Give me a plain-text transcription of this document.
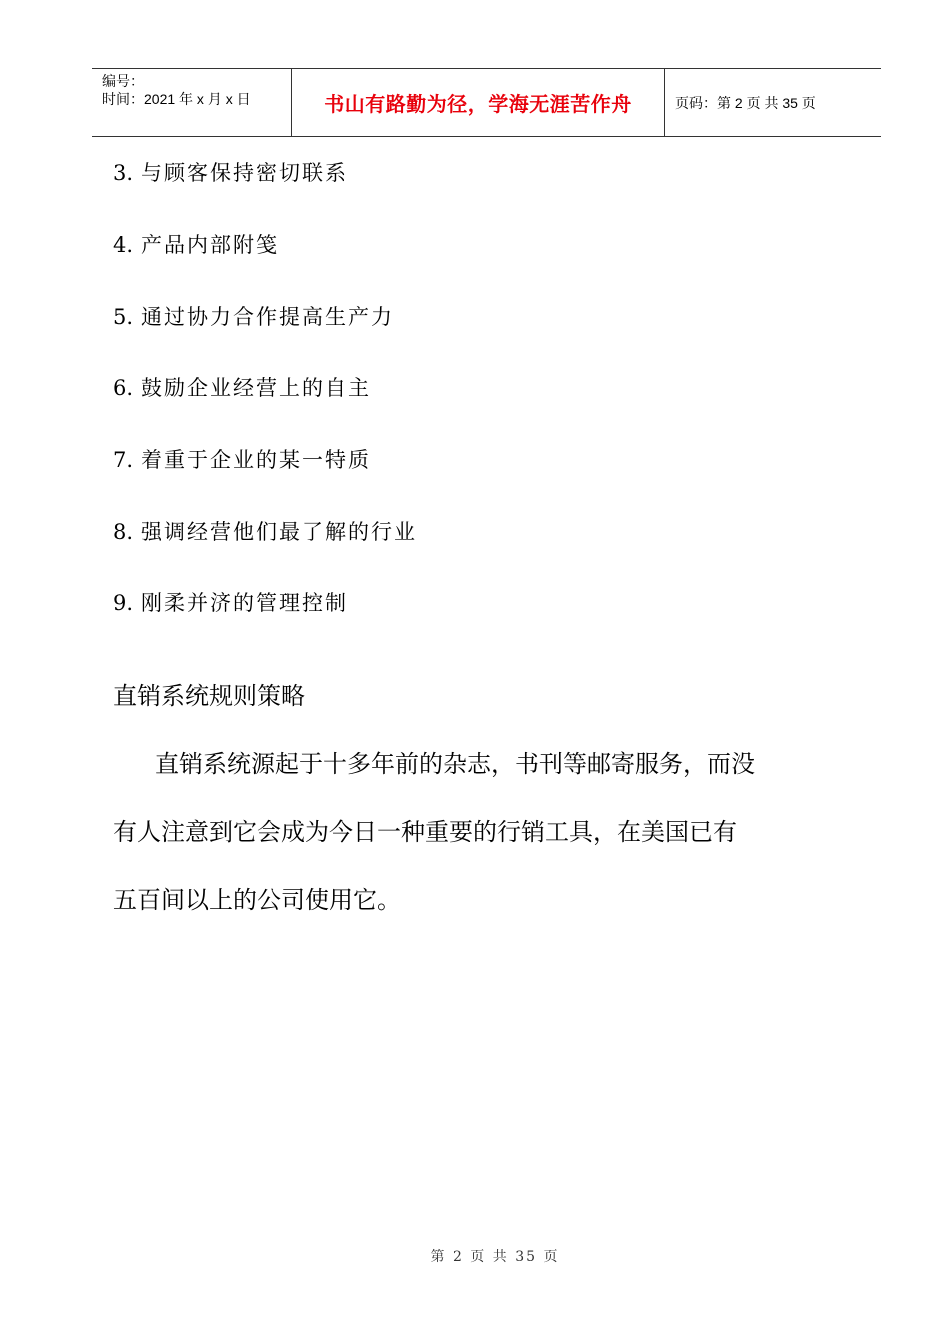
编号：
时间：2021 年 x 月 x 日	书山有路勤为径，学海无涯苦作舟	页码：第 2 页 共 35 页
3. 与顾客保持密切联系
4. 产品内部附笺
5. 通过协力合作提高生产力
6. 鼓励企业经营上的自主
7. 着重于企业的某一特质
8. 强调经营他们最了解的行业
9. 刚柔并济的管理控制
直销系统规则策略
直销系统源起于十多年前的杂志，书刊等邮寄服务，而没
有人注意到它会成为今日一种重要的行销工具，在美国已有
五百间以上的公司使用它。
第 2 页 共 35 页
